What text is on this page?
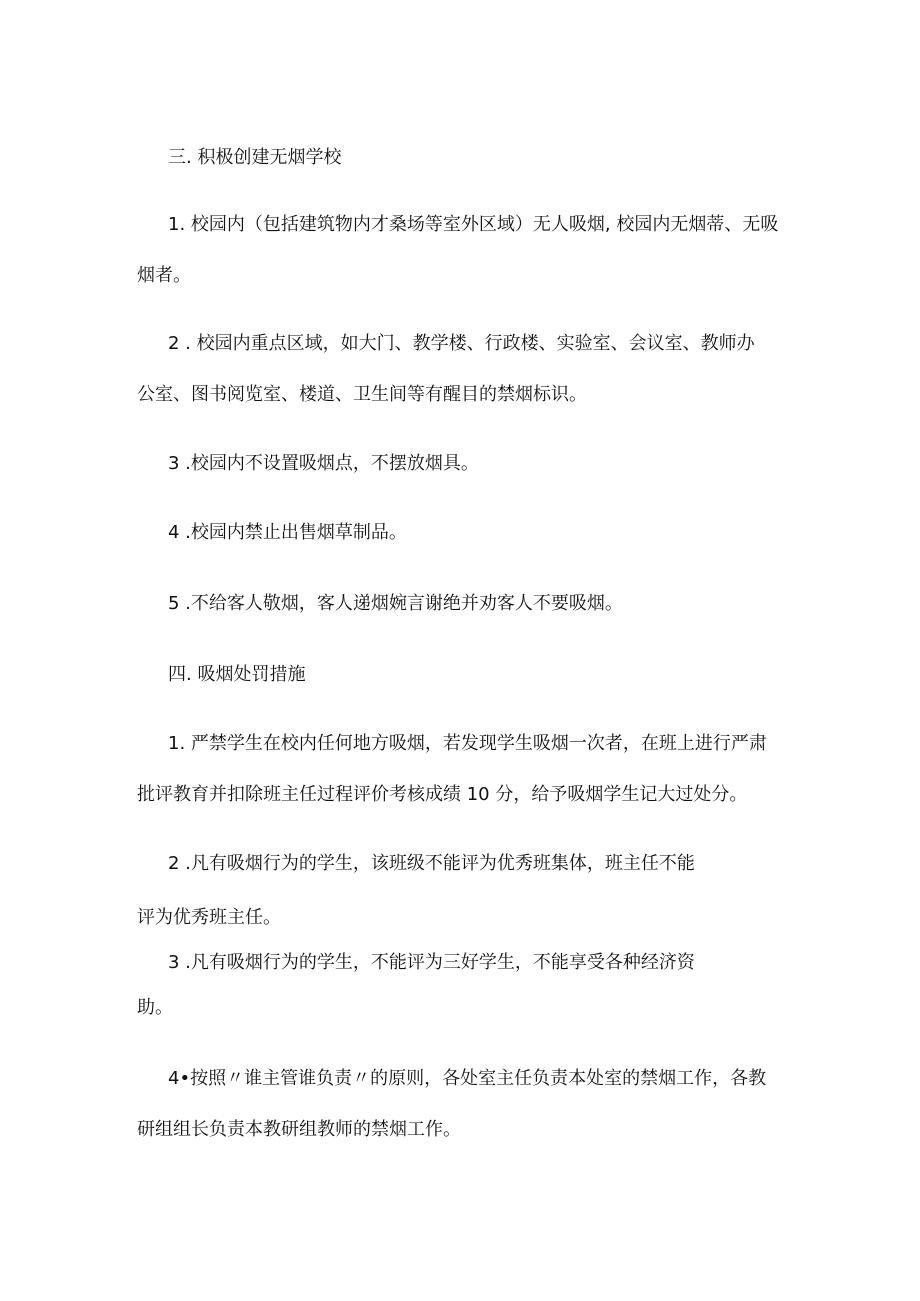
三. 积极创建无烟学校
1. 校园内（包括建筑物内才桑场等室外区域）无人吸烟, 校园内无烟蒂、无吸
烟者。
2 . 校园内重点区域，如大门、教学楼、行政楼、实验室、会议室、教师办
公室、图书阅览室、楼道、卫生间等有醒目的禁烟标识。
3 .校园内不设置吸烟点，不摆放烟具。
4 .校园内禁止出售烟草制品。
5 .不给客人敬烟，客人递烟婉言谢绝并劝客人不要吸烟。
四. 吸烟处罚措施
1. 严禁学生在校内任何地方吸烟，若发现学生吸烟一次者，在班上进行严肃
批评教育并扣除班主任过程评价考核成绩 10 分，给予吸烟学生记大过处分。
2 .凡有吸烟行为的学生，该班级不能评为优秀班集体，班主任不能
评为优秀班主任。
3 .凡有吸烟行为的学生，不能评为三好学生，不能享受各种经济资
助。
4•按照〃谁主管谁负责〃的原则，各处室主任负责本处室的禁烟工作，各教
研组组长负责本教研组教师的禁烟工作。
